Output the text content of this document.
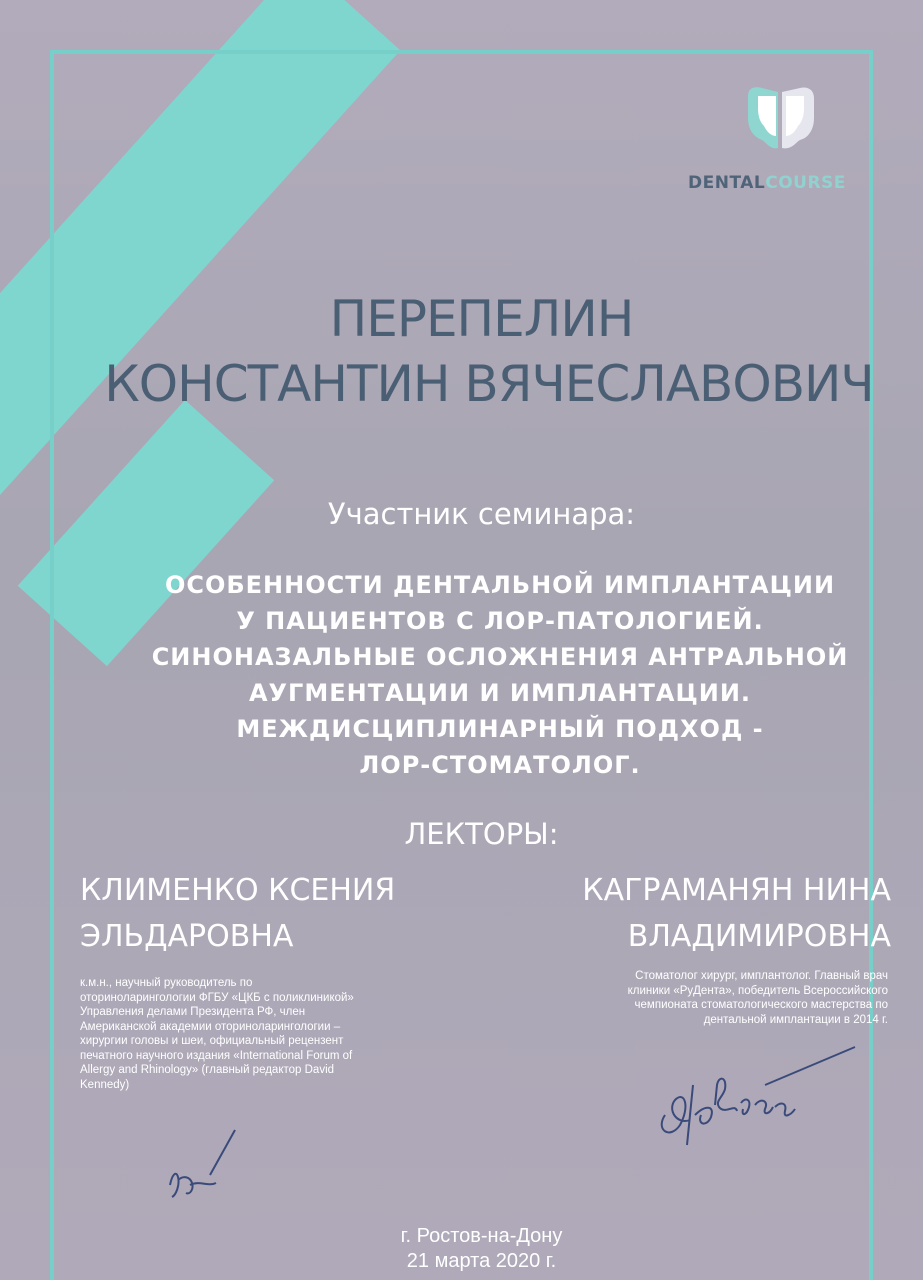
DENTALCOURSE
ПЕРЕПЕЛИН
КОНСТАНТИН ВЯЧЕСЛАВОВИЧ
Участник семинара:
ОСОБЕННОСТИ ДЕНТАЛЬНОЙ ИМПЛАНТАЦИИ
У ПАЦИЕНТОВ С ЛОР-ПАТОЛОГИЕЙ.
СИНОНАЗАЛЬНЫЕ ОСЛОЖНЕНИЯ АНТРАЛЬНОЙ
АУГМЕНТАЦИИ И ИМПЛАНТАЦИИ.
МЕЖДИСЦИПЛИНАРНЫЙ ПОДХОД -
ЛОР-СТОМАТОЛОГ.
ЛЕКТОРЫ:
КЛИМЕНКО КСЕНИЯ
ЭЛЬДАРОВНА
КАГРАМАНЯН НИНА
ВЛАДИМИРОВНА
к.м.н., научный руководитель по
оториноларингологии ФГБУ «ЦКБ с поликлиникой»
Управления делами Президента РФ, член
Американской академии оториноларингологии –
хирургии головы и шеи, официальный рецензент
печатного научного издания «International Forum of
Allergy and Rhinology» (главный редактор David
Kennedy)
Стоматолог хирург, имплантолог. Главный врач
клиники «РуДента», победитель Всероссийского
чемпионата стоматологического мастерства по
дентальной имплантации в 2014 г.
г. Ростов-на-Дону
21 марта 2020 г.
